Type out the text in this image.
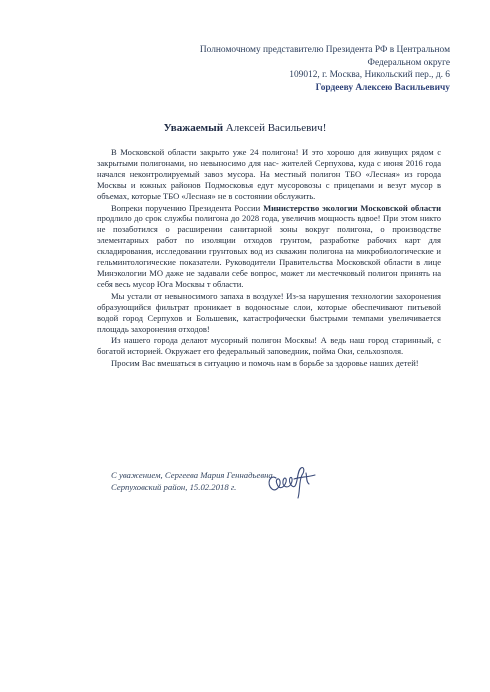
Полномочному представителю Президента РФ в Центральном Федеральном округе
109012, г. Москва, Никольский пер., д. 6
Гордееву Алексею Васильевичу
Уважаемый Алексей Васильевич!

В Московской области закрыто уже 24 полигона! И это хорошо для живущих рядом с закрытыми полигонами, но невыносимо для нас- жителей Серпухова, куда с июня 2016 года начался неконтролируемый завоз мусора. На местный полигон ТБО «Лесная» из города Москвы и южных районов Подмосковья едут мусоровозы с прицепами и везут мусор в объемах, которые ТБО «Лесная» не в состоянии обслужить.

Вопреки поручению Президента России Министерство экологии Московской области продлило до срок службы полигона до 2028 года, увеличив мощность вдвое! При этом никто не позаботился о расширении санитарной зоны вокруг полигона, о производстве элементарных работ по изоляции отходов грунтом, разработке рабочих карт для складирования, исследовании грунтовых вод из скважин полигона на микробиологические и гельминтологические показатели. Руководители Правительства Московской области в лице Минэкологии МО даже не задавали себе вопрос, может ли местечковый полигон принять на себя весь мусор Юга Москвы т области.

Мы устали от невыносимого запаха в воздухе! Из-за нарушения технологии захоронения образующийся фильтрат проникает в водоносные слои, которые обеспечивают питьевой водой город Серпухов и Большевик, катастрофически быстрыми темпами увеличивается площадь захоронения отходов!

Из нашего города делают мусорный полигон Москвы! А ведь наш город старинный, с богатой историей. Окружает его федеральный заповедник, пойма Оки, сельхозполя.

Просим Вас вмешаться в ситуацию и помочь нам в борьбе за здоровье наших детей!

С уважением, Сергеева Мария Геннадьевна
Серпуховский район, 15.02.2018 г.
